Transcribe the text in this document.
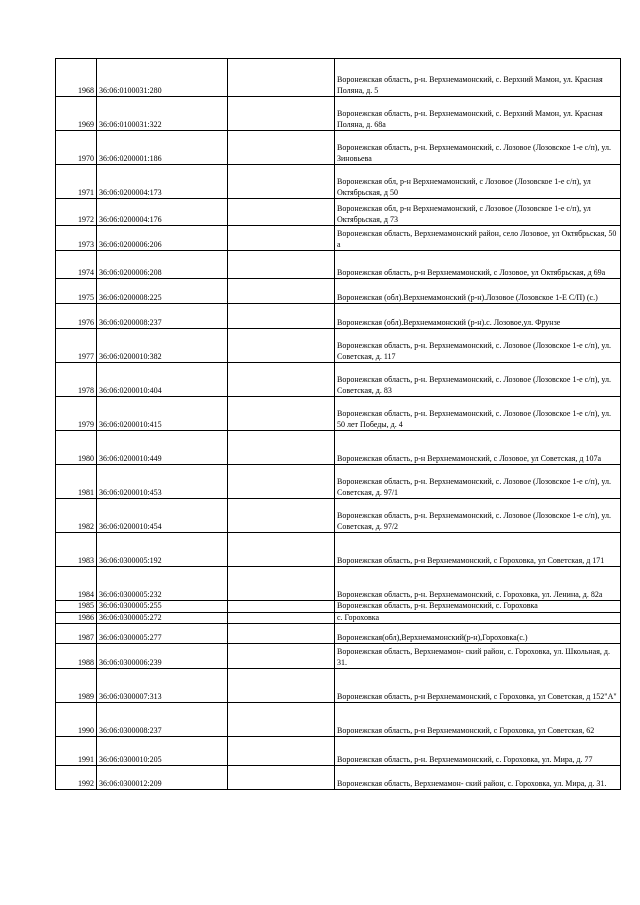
1968	36:06:0100031:280		Воронежская область, р-н. Верхнемамонский, с. Верхний Мамон, ул. Красная Поляна, д. 5
1969	36:06:0100031:322		Воронежская область, р-н. Верхнемамонский, с. Верхний Мамон, ул. Красная Поляна, д. 68а
1970	36:06:0200001:186		Воронежская область, р-н. Верхнемамонский, с. Лозовое (Лозовское 1-е с/п), ул. Зиновьева
1971	36:06:0200004:173		Воронежская обл, р-н Верхнемамонский, с Лозовое (Лозовское 1-е с/п), ул Октябрьская, д 50
1972	36:06:0200004:176		Воронежская обл, р-н Верхнемамонский, с Лозовое (Лозовское 1-е с/п), ул Октябрьская, д 73
1973	36:06:0200006:206		Воронежская область, Верхнемамонский район, село Лозовое, ул Октябрьская, 50 а
1974	36:06:0200006:208		Воронежская область, р-н Верхнемамонский, с Лозовое, ул Октябрьская, д 69а
1975	36:06:0200008:225		Воронежская (обл).Верхнемамонский (р-н).Лозовое (Лозовское 1-Е С/П) (с.)
1976	36:06:0200008:237		Воронежская (обл).Верхнемамонский (р-н).с. Лозовое,ул. Фрунзе
1977	36:06:0200010:382		Воронежская область, р-н. Верхнемамонский, с. Лозовое (Лозовское 1-е с/п), ул. Советская, д. 117
1978	36:06:0200010:404		Воронежская область, р-н. Верхнемамонский, с. Лозовое (Лозовское 1-е с/п), ул. Советская, д. 83
1979	36:06:0200010:415		Воронежская область, р-н. Верхнемамонский, с. Лозовое (Лозовское 1-е с/п), ул. 50 лет Победы, д. 4
1980	36:06:0200010:449		Воронежская область, р-н Верхнемамонский, с Лозовое, ул Советская, д 107а
1981	36:06:0200010:453		Воронежская область, р-н. Верхнемамонский, с. Лозовое (Лозовское 1-е с/п), ул. Советская, д. 97/1
1982	36:06:0200010:454		Воронежская область, р-н. Верхнемамонский, с. Лозовое (Лозовское 1-е с/п), ул. Советская, д. 97/2
1983	36:06:0300005:192		Воронежская область, р-н Верхнемамонский, с Гороховка, ул Советская, д 171
1984	36:06:0300005:232		Воронежская область, р-н. Верхнемамонский, с. Гороховка, ул. Ленина, д. 82а
1985	36:06:0300005:255		Воронежская область, р-н. Верхнемамонский, с. Гороховка
1986	36:06:0300005:272		с. Гороховка
1987	36:06:0300005:277		Воронежская(обл),Верхнемамонский(р-н),Гороховка(с.)
1988	36:06:0300006:239		Воронежская область, Верхнемамон- ский район, с. Гороховка, ул. Школьная, д. 31.
1989	36:06:0300007:313		Воронежская область, р-н Верхнемамонский, с Гороховка, ул Советская, д 152"А"
1990	36:06:0300008:237		Воронежская область, р-н Верхнемамонский, с Гороховка, ул Советская, 62
1991	36:06:0300010:205		Воронежская область, р-н. Верхнемамонский, с. Гороховка, ул. Мира, д. 77
1992	36:06:0300012:209		Воронежская область, Верхнемамон- ский район, с. Гороховка, ул. Мира, д. 31.
